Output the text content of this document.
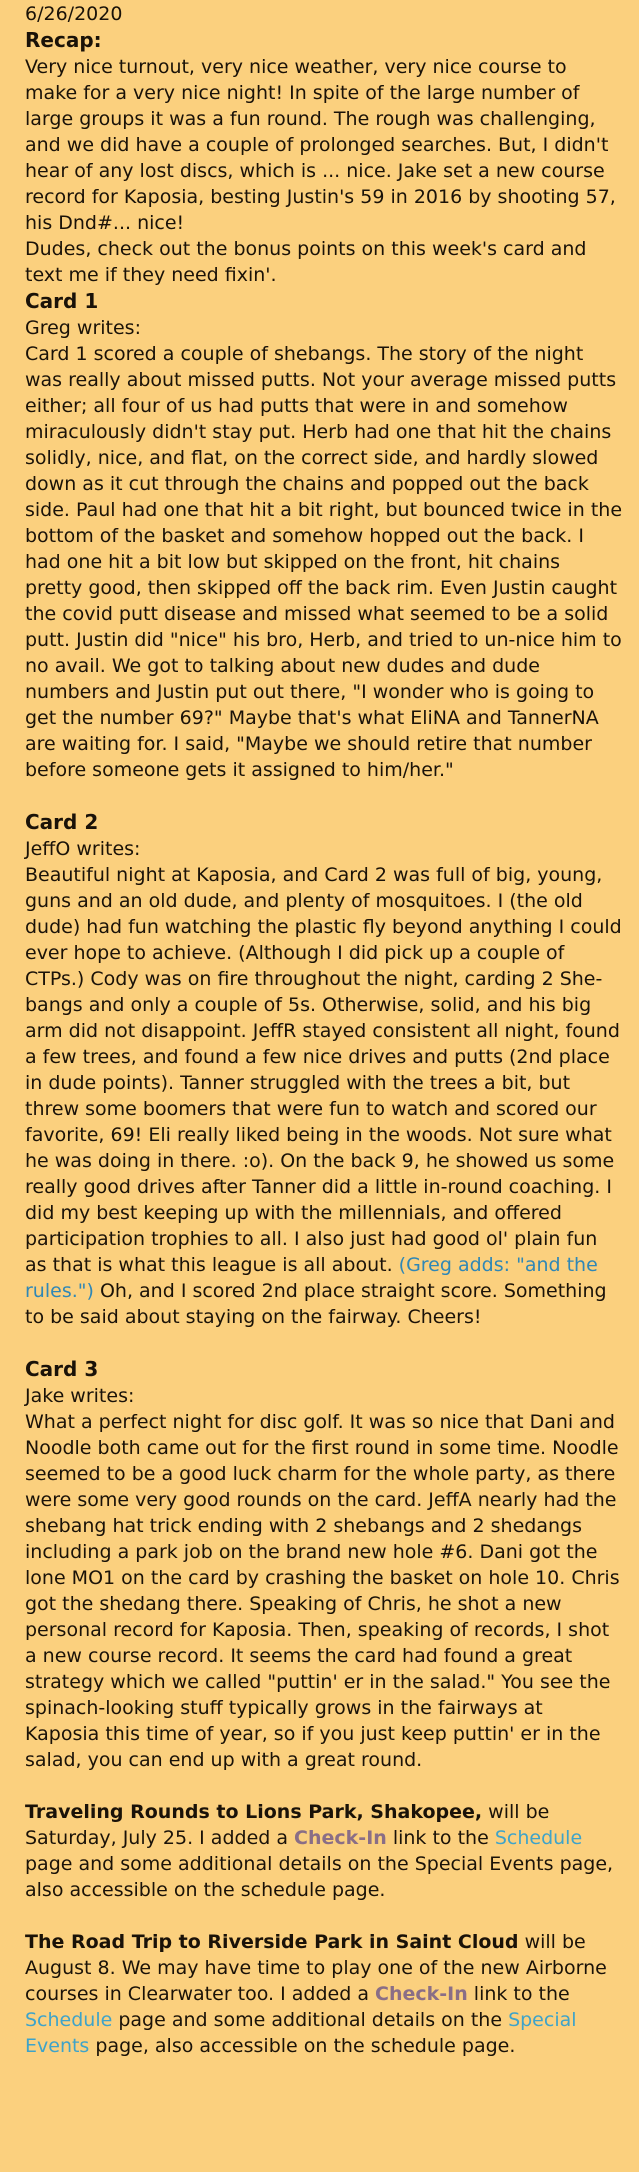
6/26/2020
Recap:

Very nice turnout, very nice weather, very nice course to make for a very nice night! In spite of the large number of large groups it was a fun round. The rough was challenging, and we did have a couple of prolonged searches. But, I didn't hear of any lost discs, which is ... nice. Jake set a new course record for Kaposia, besting Justin's 59 in 2016 by shooting 57, his Dnd#... nice!

Dudes, check out the bonus points on this week's card and text me if they need fixin'.

Card 1
Greg writes:

Card 1 scored a couple of shebangs. The story of the night was really about missed putts. Not your average missed putts either; all four of us had putts that were in and somehow miraculously didn't stay put. Herb had one that hit the chains solidly, nice, and flat, on the correct side, and hardly slowed down as it cut through the chains and popped out the back side. Paul had one that hit a bit right, but bounced twice in the bottom of the basket and somehow hopped out the back. I had one hit a bit low but skipped on the front, hit chains pretty good, then skipped off the back rim. Even Justin caught the covid putt disease and missed what seemed to be a solid putt. Justin did "nice" his bro, Herb, and tried to un-nice him to no avail. We got to talking about new dudes and dude numbers and Justin put out there, "I wonder who is going to get the number 69?" Maybe that's what EliNA and TannerNA are waiting for. I said, "Maybe we should retire that number before someone gets it assigned to him/her."

Card 2
JeffO writes:

Beautiful night at Kaposia, and Card 2 was full of big, young, guns and an old dude, and plenty of mosquitoes. I (the old dude) had fun watching the plastic fly beyond anything I could ever hope to achieve. (Although I did pick up a couple of CTPs.) Cody was on fire throughout the night, carding 2 She-bangs and only a couple of 5s. Otherwise, solid, and his big arm did not disappoint. JeffR stayed consistent all night, found a few trees, and found a few nice drives and putts (2nd place in dude points). Tanner struggled with the trees a bit, but threw some boomers that were fun to watch and scored our favorite, 69! Eli really liked being in the woods. Not sure what he was doing in there. :o). On the back 9, he showed us some really good drives after Tanner did a little in-round coaching. I did my best keeping up with the millennials, and offered participation trophies to all. I also just had good ol' plain fun as that is what this league is all about. (Greg adds: "and the rules.") Oh, and I scored 2nd place straight score. Something to be said about staying on the fairway. Cheers!

Card 3
Jake writes:

What a perfect night for disc golf. It was so nice that Dani and Noodle both came out for the first round in some time. Noodle seemed to be a good luck charm for the whole party, as there were some very good rounds on the card. JeffA nearly had the shebang hat trick ending with 2 shebangs and 2 shedangs including a park job on the brand new hole #6. Dani got the lone MO1 on the card by crashing the basket on hole 10. Chris got the shedang there. Speaking of Chris, he shot a new personal record for Kaposia. Then, speaking of records, I shot a new course record. It seems the card had found a great strategy which we called "puttin' er in the salad." You see the spinach-looking stuff typically grows in the fairways at Kaposia this time of year, so if you just keep puttin' er in the salad, you can end up with a great round.

Traveling Rounds to Lions Park, Shakopee, will be Saturday, July 25. I added a Check-In link to the Schedule page and some additional details on the Special Events page, also accessible on the schedule page.

The Road Trip to Riverside Park in Saint Cloud will be August 8. We may have time to play one of the new Airborne courses in Clearwater too. I added a Check-In link to the Schedule page and some additional details on the Special Events page, also accessible on the schedule page.
